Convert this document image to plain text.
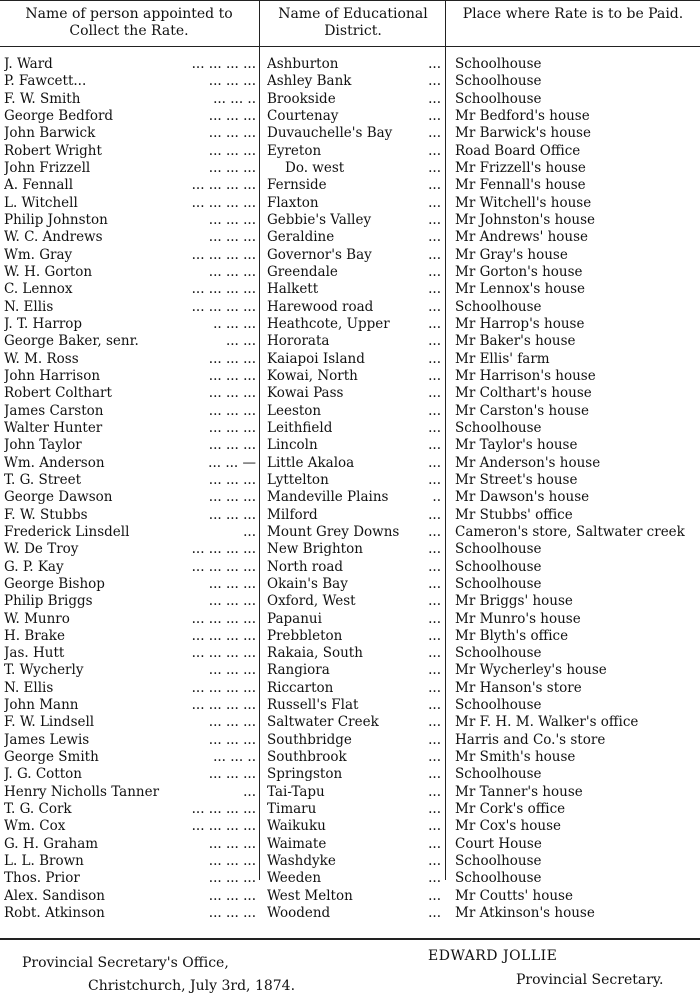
Name of person appointed to Collect the Rate.
Name of Educational District.
Place where Rate is to be Paid.
J. Ward	... ... ... ... Ashburton	... Schoolhouse
P. Fawcett...	... ... ... Ashley Bank	... Schoolhouse
F. W. Smith	... ... .. Brookside	... Schoolhouse
George Bedford	... ... ... Courtenay	... Mr Bedford's house
John Barwick	... ... ... Duvauchelle's Bay	... Mr Barwick's house
Robert Wright	... ... ... Eyreton	... Road Board Office
John Frizzell	... ... ...	Do. west	... Mr Frizzell's house
A. Fennall	... ... ... ... Fernside	... Mr Fennall's house
L. Witchell	... ... ... ... Flaxton	... Mr Witchell's house
Philip Johnston	... ... ... Gebbie's Valley	... Mr Johnston's house
W. C. Andrews	... ... ... Geraldine	... Mr Andrews' house
Wm. Gray	... ... ... ... Governor's Bay	... Mr Gray's house
W. H. Gorton	... ... ... Greendale	... Mr Gorton's house
C. Lennox	... ... ... ... Halkett	... Mr Lennox's house
N. Ellis	... ... ... ... Harewood road	... Schoolhouse
J. T. Harrop	.. ... ... Heathcote, Upper	... Mr Harrop's house
George Baker, senr.	... ... Hororata	... Mr Baker's house
W. M. Ross	... ... ... Kaiapoi Island	... Mr Ellis' farm
John Harrison	... ... ... Kowai, North	... Mr Harrison's house
Robert Colthart	... ... ... Kowai Pass	... Mr Colthart's house
James Carston	... ... ... Leeston	... Mr Carston's house
Walter Hunter	... ... ... Leithfield	... Schoolhouse
John Taylor	... ... ... Lincoln	... Mr Taylor's house
Wm. Anderson	... ... — Little Akaloa	... Mr Anderson's house
T. G. Street	... ... ... Lyttelton	... Mr Street's house
George Dawson	... ... ... Mandeville Plains	.. Mr Dawson's house
F. W. Stubbs	... ... ... Milford	... Mr Stubbs' office
Frederick Linsdell	... Mount Grey Downs ... Cameron's store, Saltwater creek
W. De Troy	... ... ... ... New Brighton	... Schoolhouse
G. P. Kay	... ... ... ... North road	... Schoolhouse
George Bishop	... ... ... Okain's Bay	... Schoolhouse
Philip Briggs	... ... ... Oxford, West	... Mr Briggs' house
W. Munro	... ... ... ... Papanui	... Mr Munro's house
H. Brake	... ... ... ... Prebbleton	... Mr Blyth's office
Jas. Hutt	... ... ... ... Rakaia, South	... Schoolhouse
T. Wycherly	... ... ... Rangiora	... Mr Wycherley's house
N. Ellis	... ... ... ... Riccarton	... Mr Hanson's store
John Mann	... ... ... ... Russell's Flat	... Schoolhouse
F. W. Lindsell	... ... ... Saltwater Creek	... Mr F. H. M. Walker's office
James Lewis	... ... ... Southbridge	... Harris and Co.'s store
George Smith	... ... .. Southbrook	... Mr Smith's house
J. G. Cotton	... ... ... Springston	... Schoolhouse
Henry Nicholls Tanner	... Tai-Tapu	... Mr Tanner's house
T. G. Cork	... ... ... ... Timaru	... Mr Cork's office
Wm. Cox	... ... ... ... Waikuku	... Mr Cox's house
G. H. Graham	... ... ... Waimate	... Court House
L. L. Brown	... ... ... Washdyke	... Schoolhouse
Thos. Prior	... ... ... Weeden	... Schoolhouse
Alex. Sandison	... ... ... West Melton	... Mr Coutts' house
Robt. Atkinson	... ... ... Woodend	... Mr Atkinson's house
Provincial Secretary's Office,
Christchurch, July 3rd, 1874.
EDWARD JOLLIE
Provincial Secretary.
